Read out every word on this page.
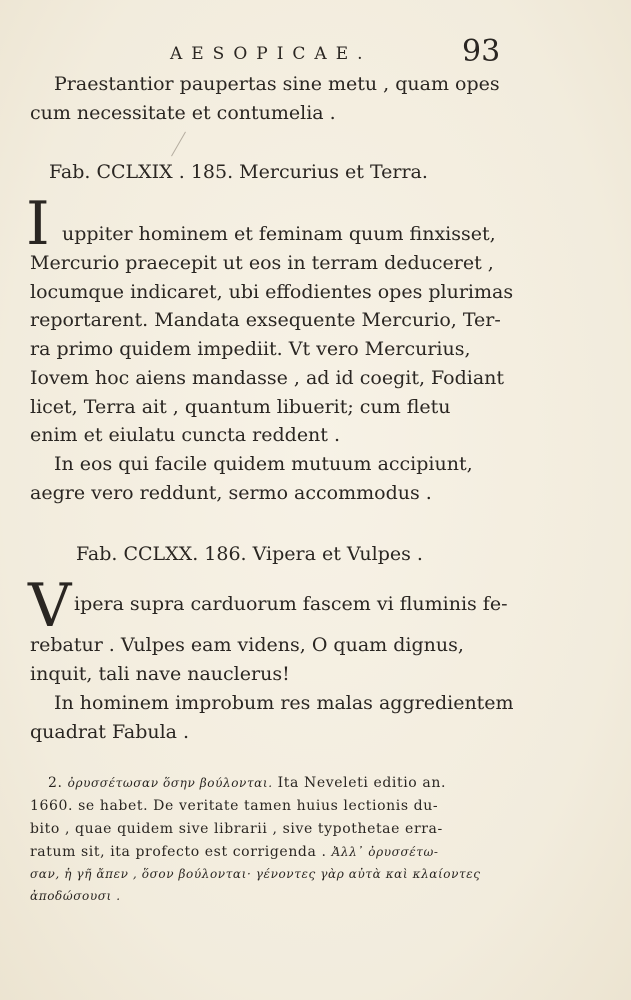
AESOPICAE.	93
Praestantior paupertas sine metu , quam opes
cum necessitate et contumelia .
Fab. CCLXIX . 185. Mercurius et Terra.
I uppiter hominem et feminam quum finxisset,
Mercurio praecepit ut eos in terram deduceret ,
locumque indicaret, ubi effodientes opes plurimas
reportarent. Mandata exsequente Mercurio, Ter-
ra primo quidem impediit. Vt vero Mercurius,
Iovem hoc aiens mandasse , ad id coegit, Fodiant
licet, Terra ait , quantum libuerit; cum fletu
enim et eiulatu cuncta reddent .
In eos qui facile quidem mutuum accipiunt,
aegre vero reddunt, sermo accommodus .
Fab. CCLXX. 186. Vipera et Vulpes .
V ipera supra carduorum fascem vi fluminis fe-
rebatur . Vulpes eam videns, O quam dignus,
inquit, tali nave nauclerus!
In hominem improbum res malas aggredientem
quadrat Fabula .
2. ὀρυσσέτωσαν ὅσην βούλονται. Ita Neveleti editio an.
1660. se habet. De veritate tamen huius lectionis du-
bito , quae quidem sive librarii , sive typothetae erra-
ratum sit, ita profecto est corrigenda . Ἀλλ᾽ ὀρυσσέτω-
σαν, ἡ γῆ ἄπεν , ὅσον βούλονται· γένοντες γὰρ αὐτὰ καὶ κλαίοντες
ἀποδώσουσι .
